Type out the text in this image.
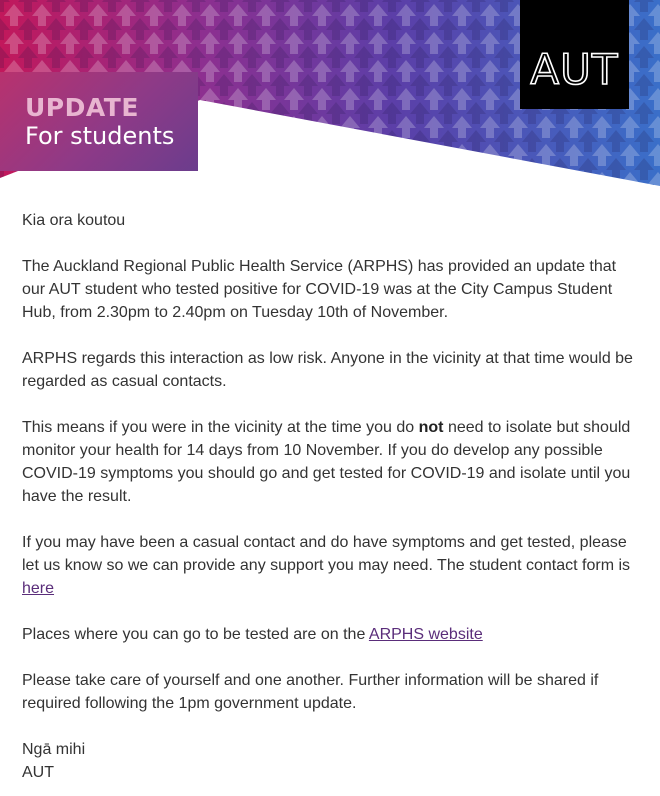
UPDATE
For students
AUT

Kia ora koutou

The Auckland Regional Public Health Service (ARPHS) has provided an update that our AUT student who tested positive for COVID-19 was at the City Campus Student Hub, from 2.30pm to 2.40pm on Tuesday 10th of November.

ARPHS regards this interaction as low risk. Anyone in the vicinity at that time would be regarded as casual contacts.

This means if you were in the vicinity at the time you do not need to isolate but should monitor your health for 14 days from 10 November. If you do develop any possible COVID-19 symptoms you should go and get tested for COVID-19 and isolate until you have the result.

If you may have been a casual contact and do have symptoms and get tested, please let us know so we can provide any support you may need. The student contact form is here

Places where you can go to be tested are on the ARPHS website

Please take care of yourself and one another. Further information will be shared if required following the 1pm government update.

Ngā mihi
AUT
